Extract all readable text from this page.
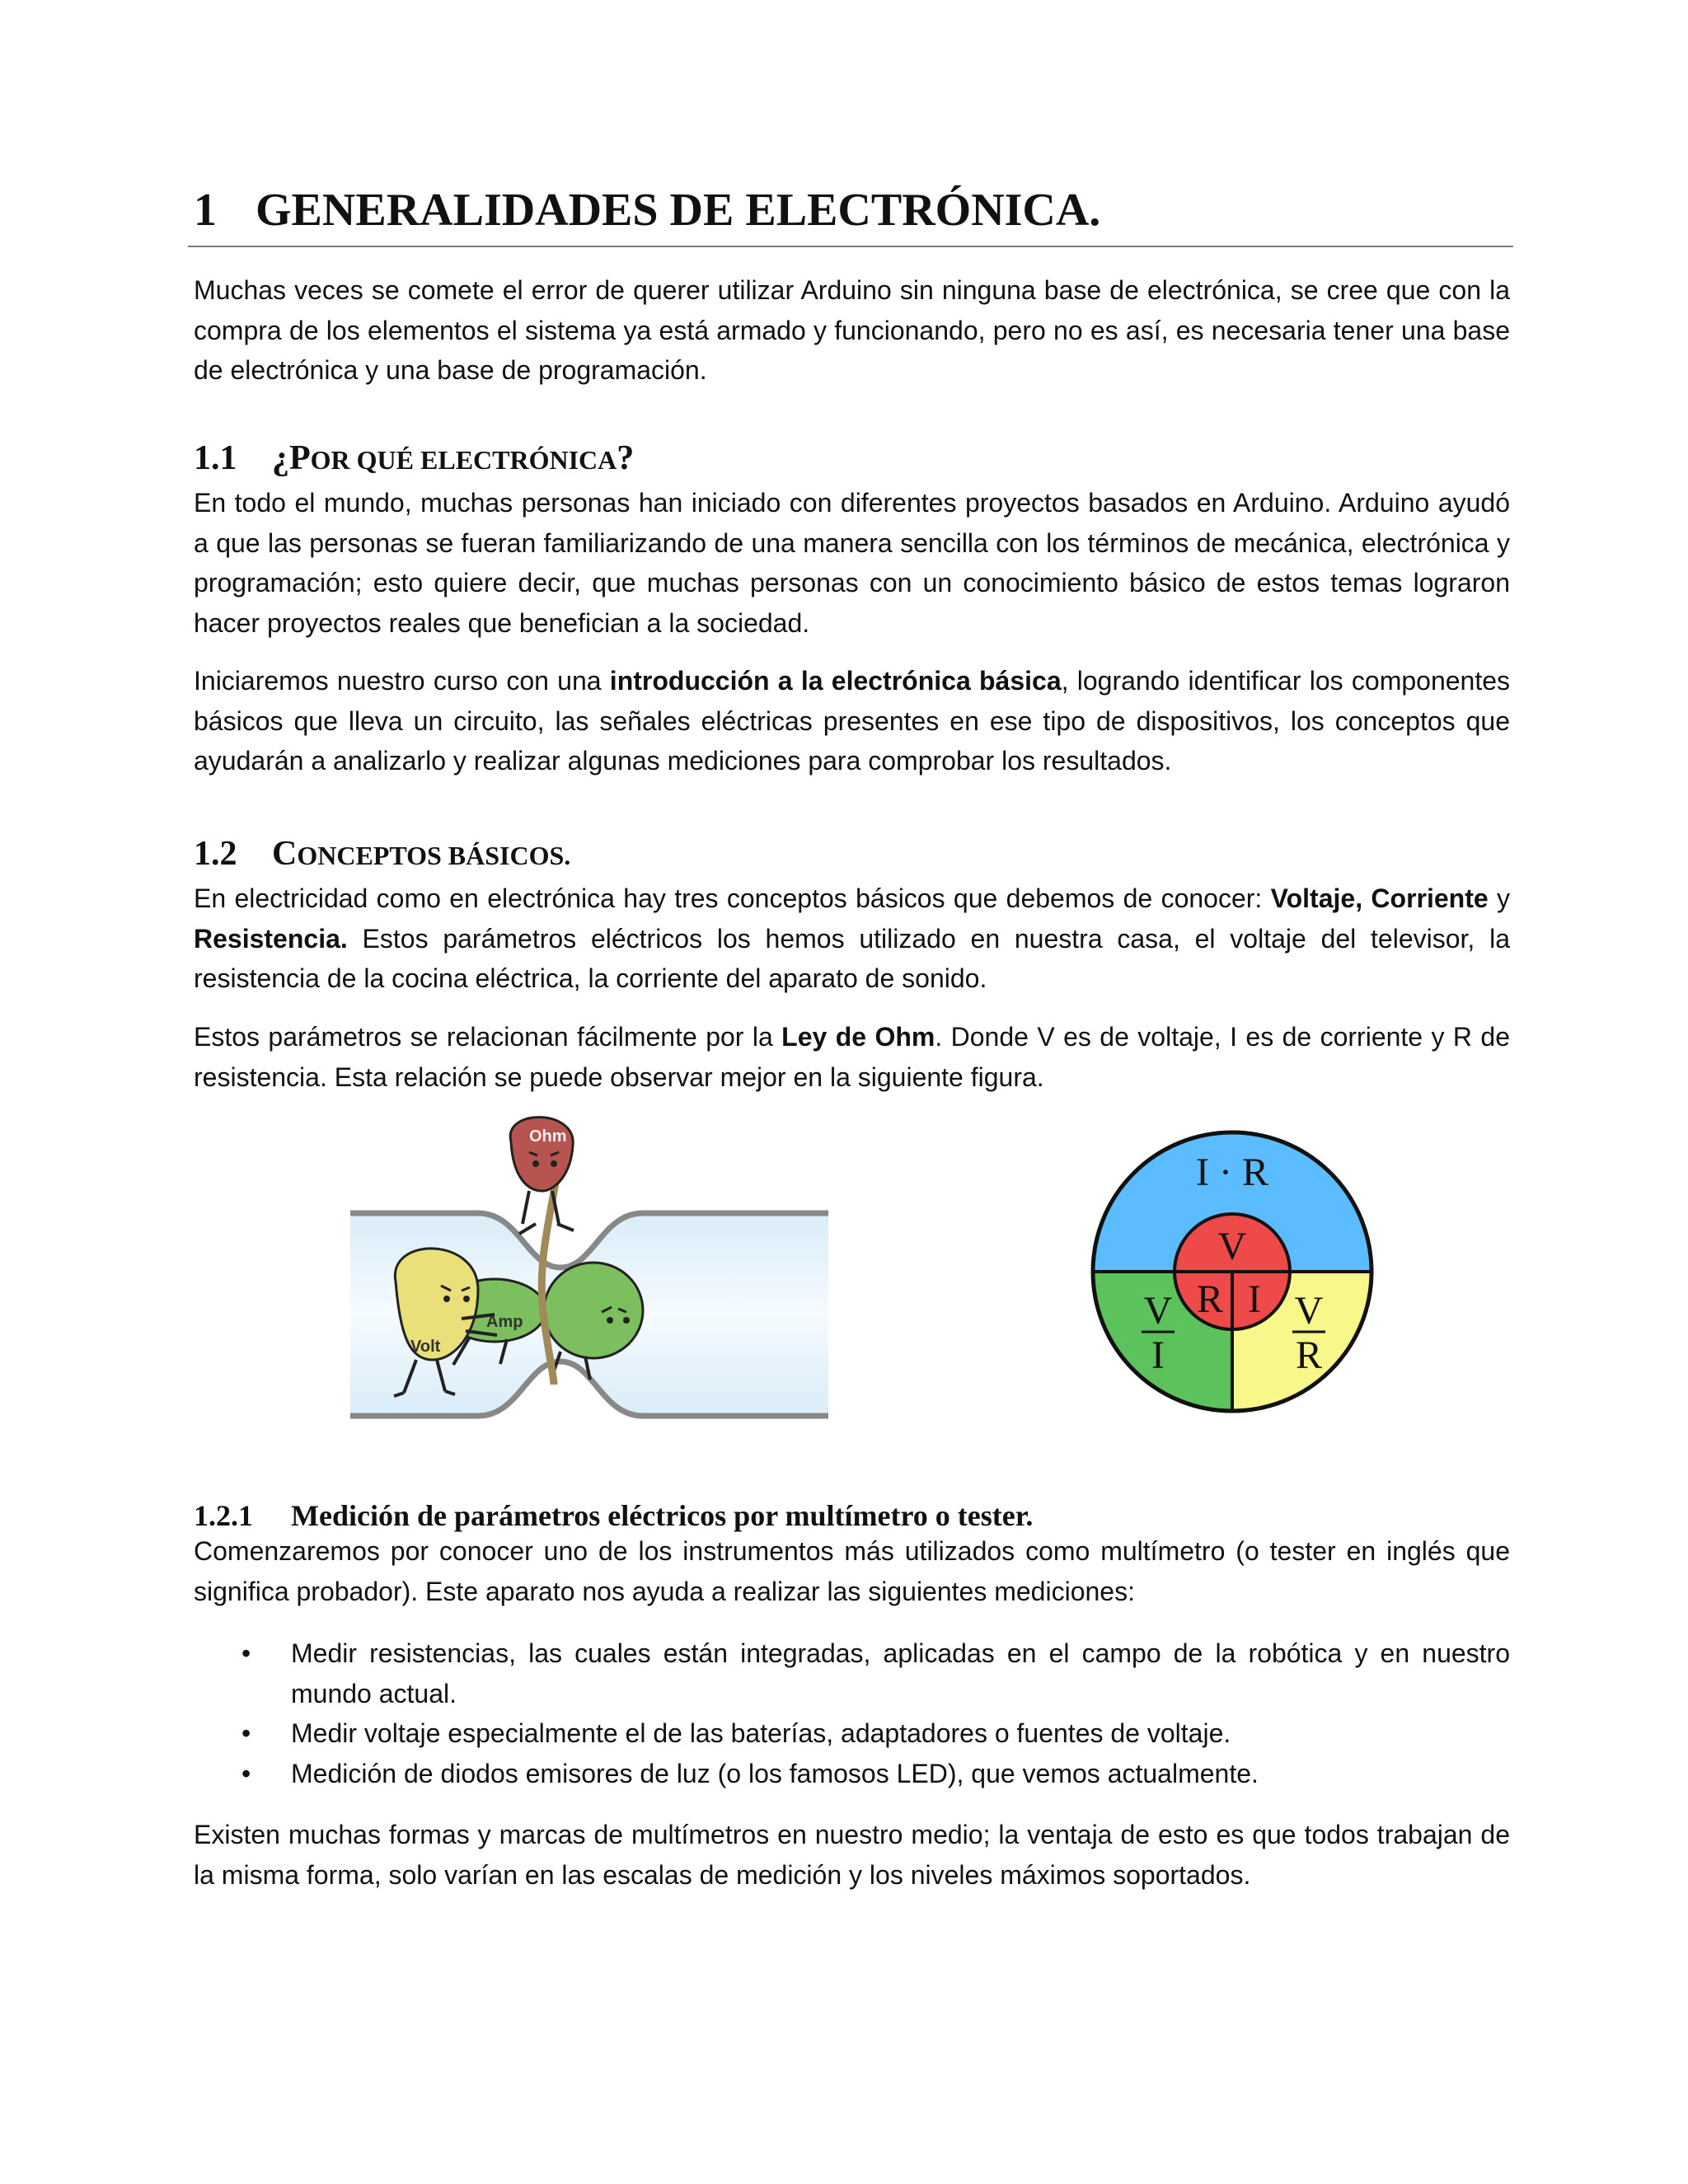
1 GENERALIDADES DE ELECTRÓNICA.

Muchas veces se comete el error de querer utilizar Arduino sin ninguna base de electrónica, se cree que con la compra de los elementos el sistema ya está armado y funcionando, pero no es así, es necesaria tener una base de electrónica y una base de programación.

1.1 ¿POR QUÉ ELECTRÓNICA?

En todo el mundo, muchas personas han iniciado con diferentes proyectos basados en Arduino. Arduino ayudó a que las personas se fueran familiarizando de una manera sencilla con los términos de mecánica, electrónica y programación; esto quiere decir, que muchas personas con un conocimiento básico de estos temas lograron hacer proyectos reales que benefician a la sociedad.

Iniciaremos nuestro curso con una introducción a la electrónica básica, logrando identificar los componentes básicos que lleva un circuito, las señales eléctricas presentes en ese tipo de dispositivos, los conceptos que ayudarán a analizarlo y realizar algunas mediciones para comprobar los resultados.

1.2 CONCEPTOS BÁSICOS.

En electricidad como en electrónica hay tres conceptos básicos que debemos de conocer: Voltaje, Corriente y Resistencia. Estos parámetros eléctricos los hemos utilizado en nuestra casa, el voltaje del televisor, la resistencia de la cocina eléctrica, la corriente del aparato de sonido.

Estos parámetros se relacionan fácilmente por la Ley de Ohm. Donde V es de voltaje, I es de corriente y R de resistencia. Esta relación se puede observar mejor en la siguiente figura.

Amp
Ohm
Volt
I · R
V
R I
V
I
V
R
1.2.1 Medición de parámetros eléctricos por multímetro o tester.

Comenzaremos por conocer uno de los instrumentos más utilizados como multímetro (o tester en inglés que significa probador). Este aparato nos ayuda a realizar las siguientes mediciones:

• Medir resistencias, las cuales están integradas, aplicadas en el campo de la robótica y en nuestro mundo actual.
• Medir voltaje especialmente el de las baterías, adaptadores o fuentes de voltaje.
• Medición de diodos emisores de luz (o los famosos LED), que vemos actualmente.

Existen muchas formas y marcas de multímetros en nuestro medio; la ventaja de esto es que todos trabajan de la misma forma, solo varían en las escalas de medición y los niveles máximos soportados.
